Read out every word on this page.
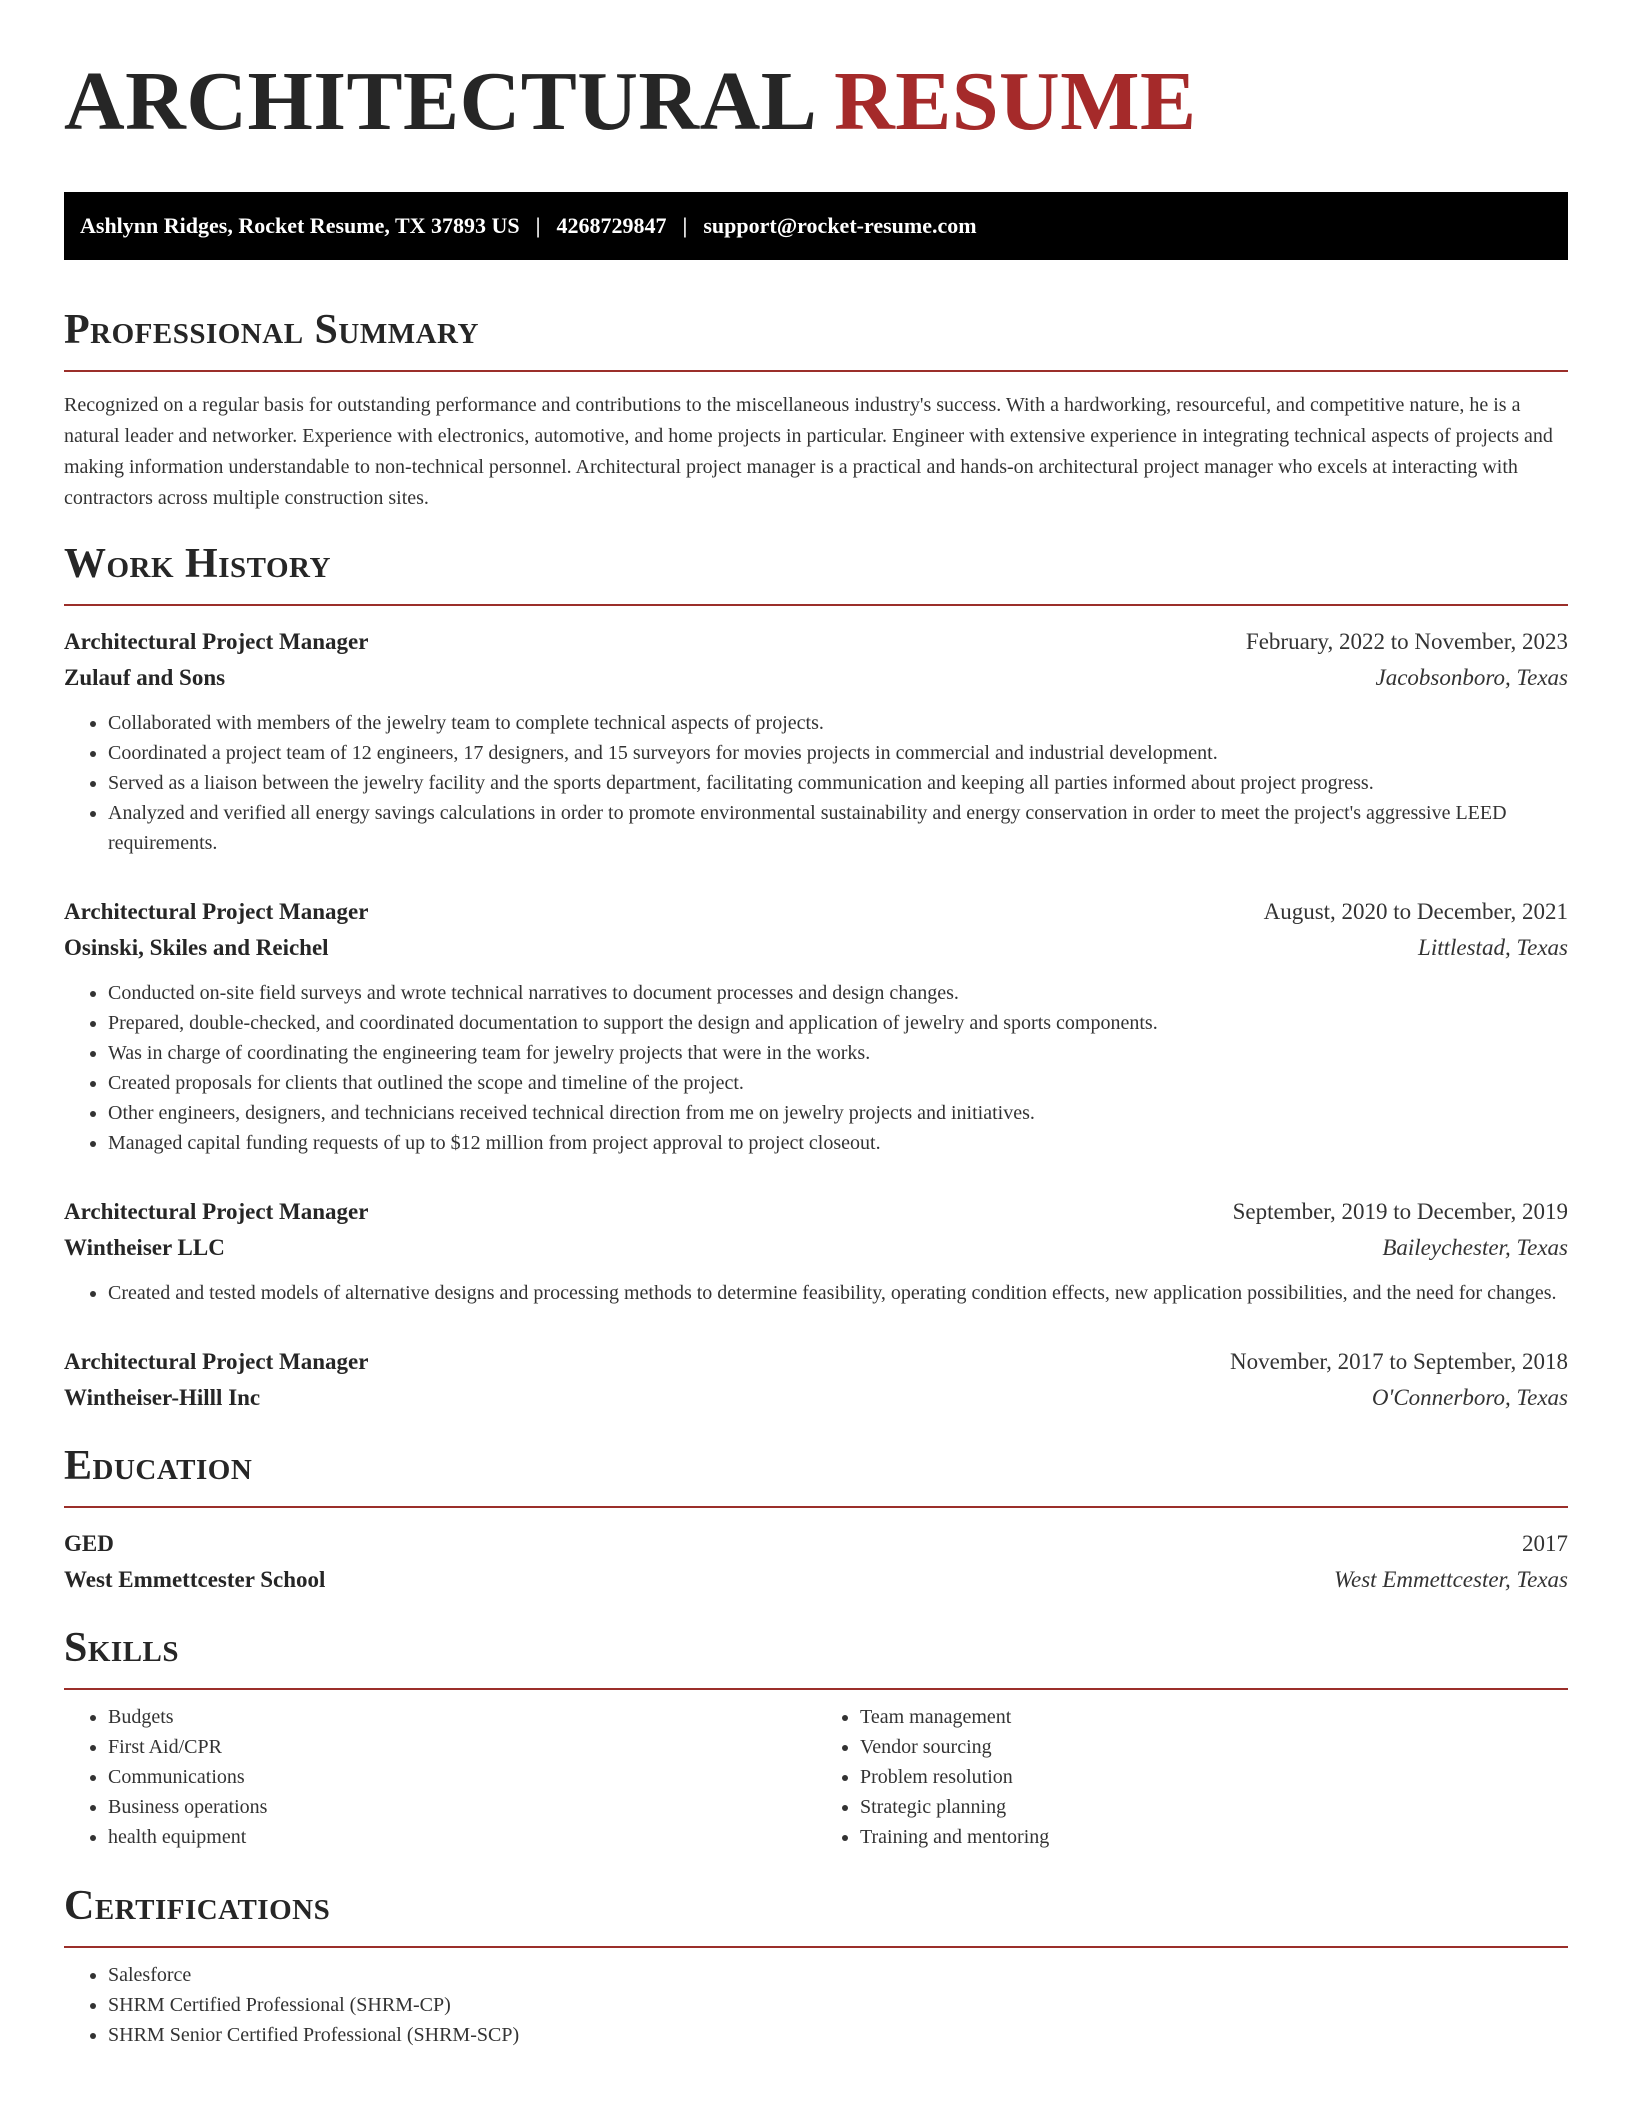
ARCHITECTURAL RESUME
Ashlynn Ridges, Rocket Resume, TX 37893 US | 4268729847 | support@rocket-resume.com
Professional Summary

Recognized on a regular basis for outstanding performance and contributions to the miscellaneous industry's success. With a hardworking, resourceful, and competitive nature, he is a natural leader and networker. Experience with electronics, automotive, and home projects in particular. Engineer with extensive experience in integrating technical aspects of projects and making information understandable to non-technical personnel. Architectural project manager is a practical and hands-on architectural project manager who excels at interacting with contractors across multiple construction sites.

Work History
Architectural Project Manager	February, 2022 to November, 2023
Zulauf and Sons	Jacobsonboro, Texas
• Collaborated with members of the jewelry team to complete technical aspects of projects.
• Coordinated a project team of 12 engineers, 17 designers, and 15 surveyors for movies projects in commercial and industrial development.
• Served as a liaison between the jewelry facility and the sports department, facilitating communication and keeping all parties informed about project progress.
• Analyzed and verified all energy savings calculations in order to promote environmental sustainability and energy conservation in order to meet the project's aggressive LEED requirements.
Architectural Project Manager	August, 2020 to December, 2021
Osinski, Skiles and Reichel	Littlestad, Texas
• Conducted on-site field surveys and wrote technical narratives to document processes and design changes.
• Prepared, double-checked, and coordinated documentation to support the design and application of jewelry and sports components.
• Was in charge of coordinating the engineering team for jewelry projects that were in the works.
• Created proposals for clients that outlined the scope and timeline of the project.
• Other engineers, designers, and technicians received technical direction from me on jewelry projects and initiatives.
• Managed capital funding requests of up to $12 million from project approval to project closeout.
Architectural Project Manager	September, 2019 to December, 2019
Wintheiser LLC	Baileychester, Texas
• Created and tested models of alternative designs and processing methods to determine feasibility, operating condition effects, new application possibilities, and the need for changes.
Architectural Project Manager	November, 2017 to September, 2018
Wintheiser-Hilll Inc	O'Connerboro, Texas
Education
GED	2017
West Emmettcester School	West Emmettcester, Texas
Skills
• Budgets
• First Aid/CPR
• Communications
• Business operations
• health equipment
• Team management
• Vendor sourcing
• Problem resolution
• Strategic planning
• Training and mentoring
Certifications
• Salesforce
• SHRM Certified Professional (SHRM-CP)
• SHRM Senior Certified Professional (SHRM-SCP)
